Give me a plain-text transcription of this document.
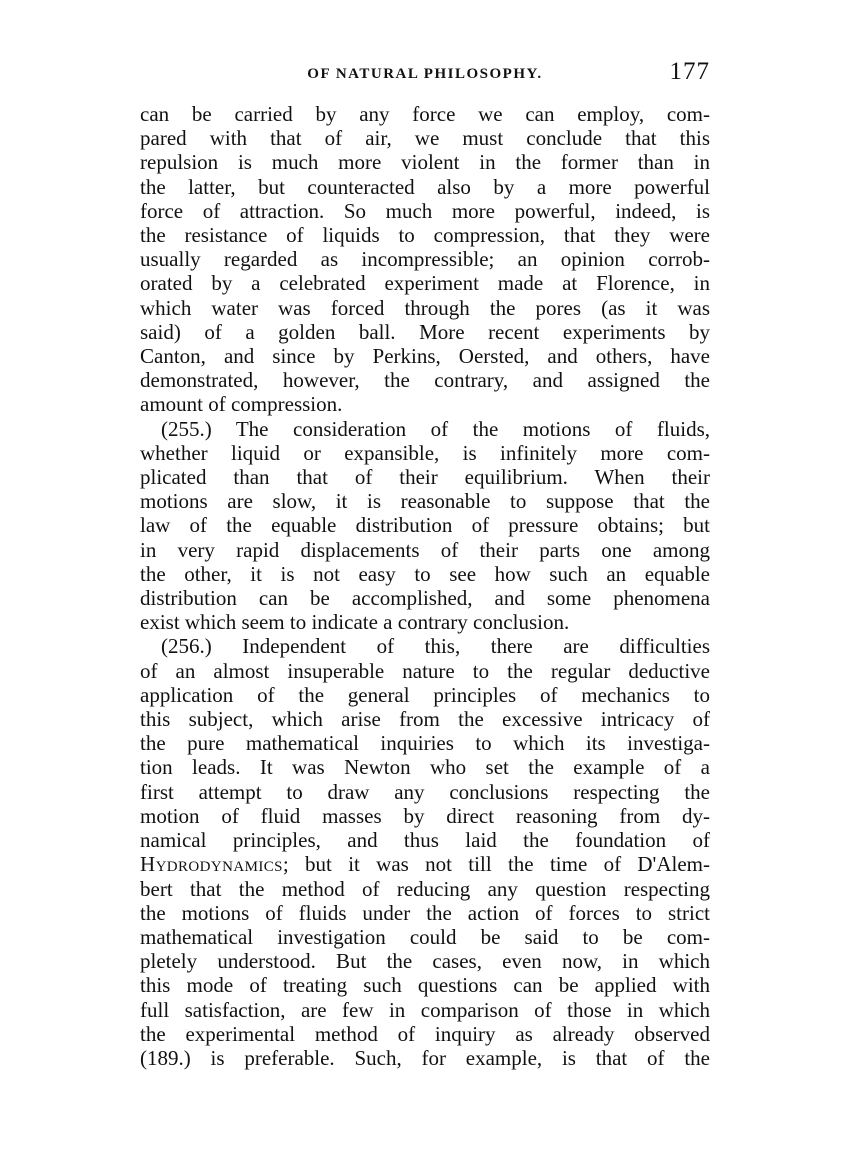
OF NATURAL PHILOSOPHY.	177

can be carried by any force we can employ, com-
pared with that of air, we must conclude that this
repulsion is much more violent in the former than in
the latter, but counteracted also by a more powerful
force of attraction. So much more powerful, indeed, is
the resistance of liquids to compression, that they were
usually regarded as incompressible; an opinion corrob-
orated by a celebrated experiment made at Florence, in
which water was forced through the pores (as it was
said) of a golden ball. More recent experiments by
Canton, and since by Perkins, Oersted, and others, have
demonstrated, however, the contrary, and assigned the
amount of compression.

(255.) The consideration of the motions of fluids,
whether liquid or expansible, is infinitely more com-
plicated than that of their equilibrium. When their
motions are slow, it is reasonable to suppose that the
law of the equable distribution of pressure obtains; but
in very rapid displacements of their parts one among
the other, it is not easy to see how such an equable
distribution can be accomplished, and some phenomena
exist which seem to indicate a contrary conclusion.

(256.) Independent of this, there are difficulties
of an almost insuperable nature to the regular deductive
application of the general principles of mechanics to
this subject, which arise from the excessive intricacy of
the pure mathematical inquiries to which its investiga-
tion leads. It was Newton who set the example of a
first attempt to draw any conclusions respecting the
motion of fluid masses by direct reasoning from dy-
namical principles, and thus laid the foundation of
Hydrodynamics; but it was not till the time of D'Alem-
bert that the method of reducing any question respecting
the motions of fluids under the action of forces to strict
mathematical investigation could be said to be com-
pletely understood. But the cases, even now, in which
this mode of treating such questions can be applied with
full satisfaction, are few in comparison of those in which
the experimental method of inquiry as already observed
(189.) is preferable. Such, for example, is that of the
